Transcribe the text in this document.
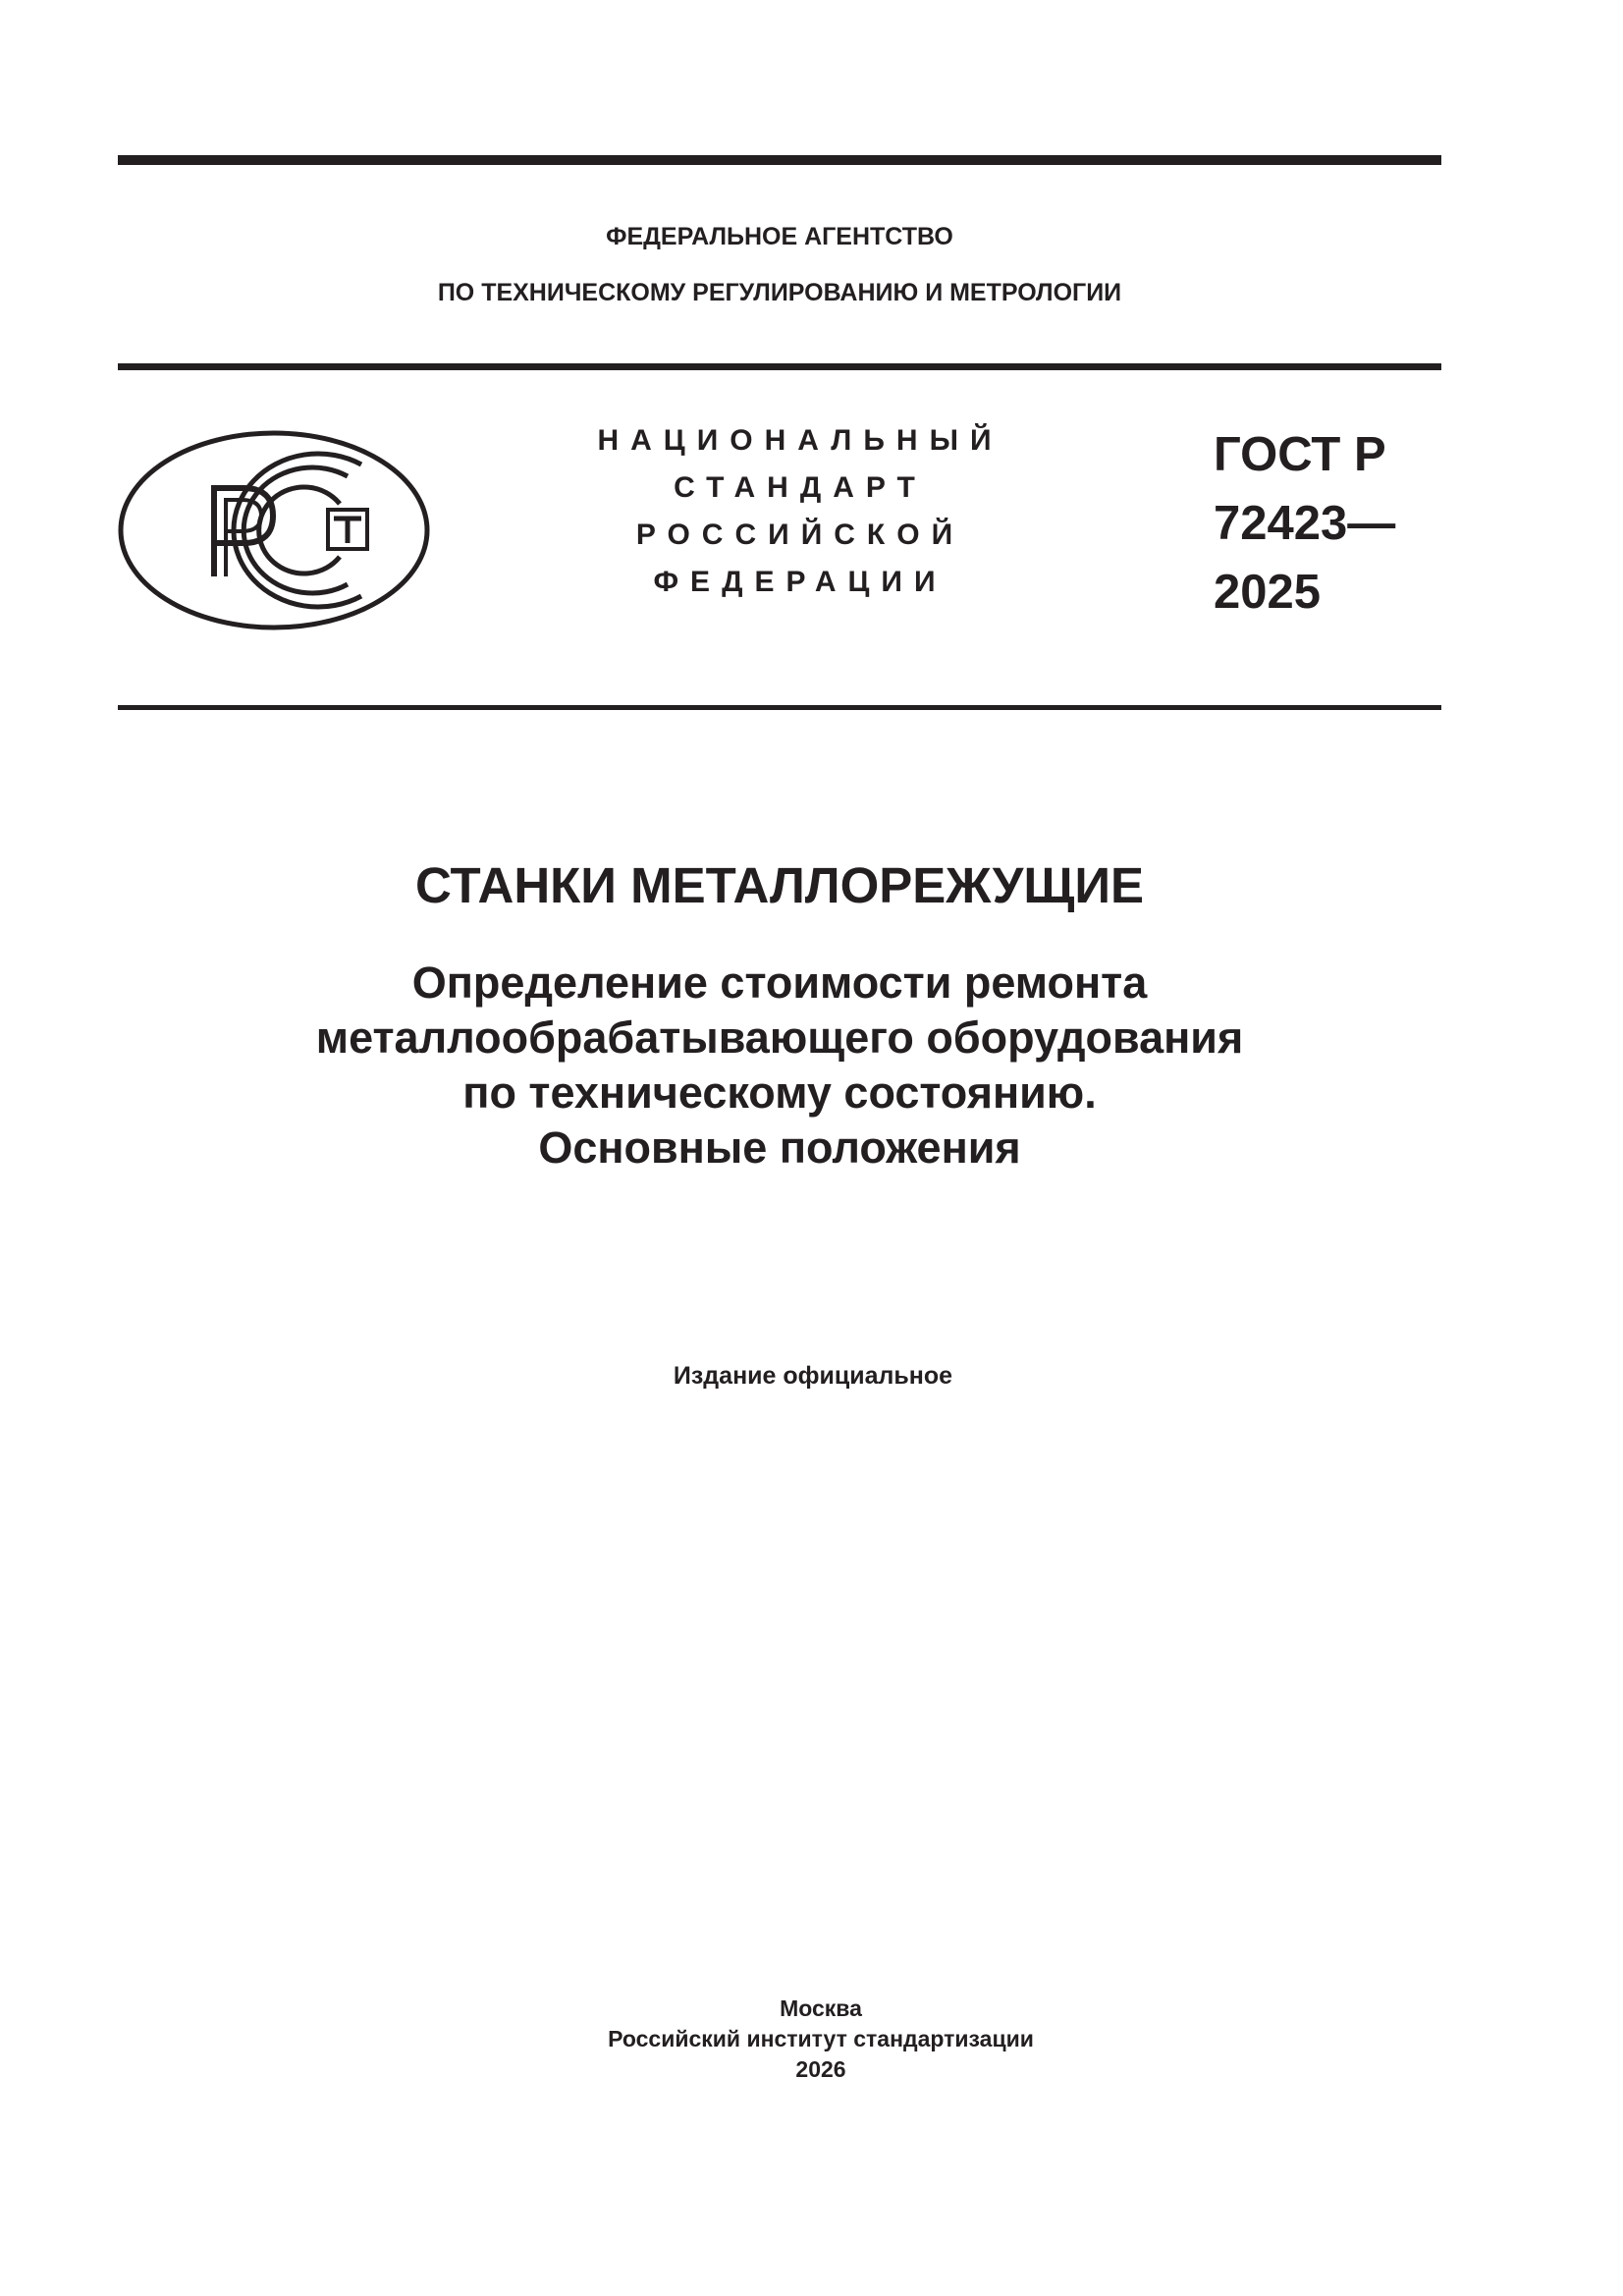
ФЕДЕРАЛЬНОЕ АГЕНТСТВО
ПО ТЕХНИЧЕСКОМУ РЕГУЛИРОВАНИЮ И МЕТРОЛОГИИ
НАЦИОНАЛЬНЫЙ
СТАНДАРТ
РОССИЙСКОЙ
ФЕДЕРАЦИИ
ГОСТ Р
72423—
2025
СТАНКИ МЕТАЛЛОРЕЖУЩИЕ
Определение стоимости ремонта
металлообрабатывающего оборудования
по техническому состоянию.
Основные положения
Издание официальное
Москва
Российский институт стандартизации
2026
